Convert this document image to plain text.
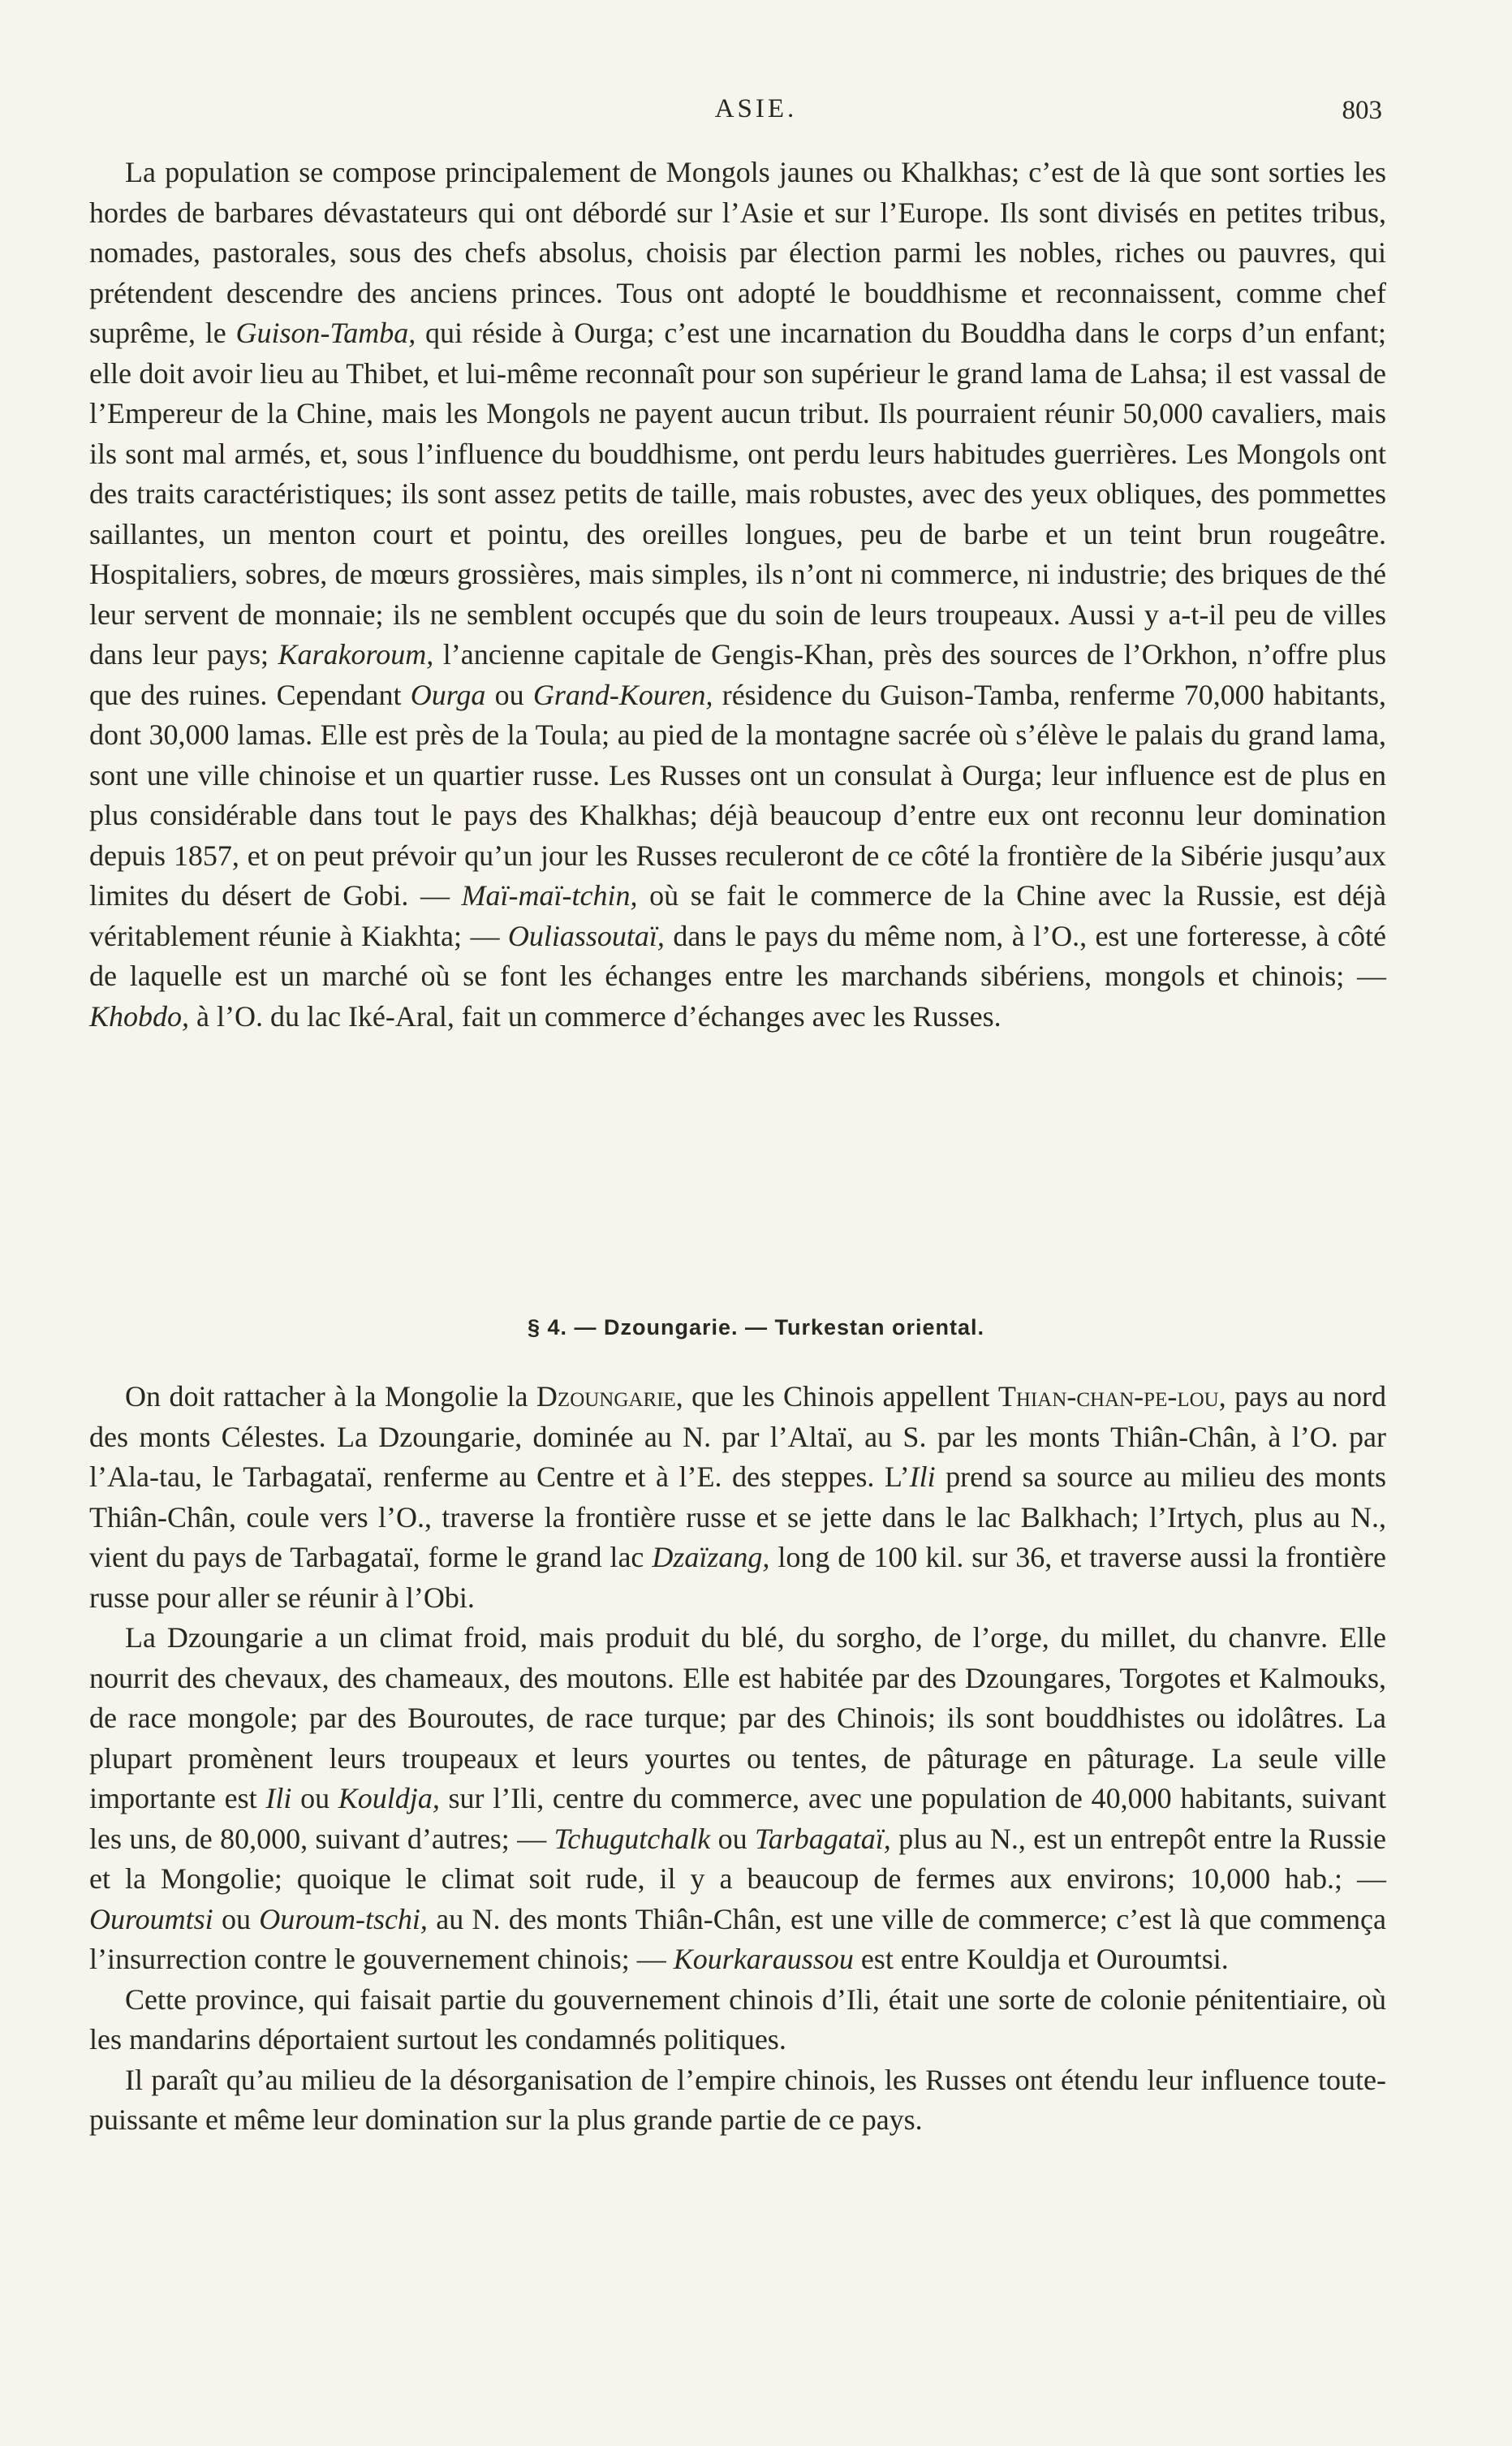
ASIE.	803

La population se compose principalement de Mongols jaunes ou Khalkhas; c’est de là que sont sorties les hordes de barbares dévastateurs qui ont débordé sur l’Asie et sur l’Europe. Ils sont divisés en petites tribus, nomades, pastorales, sous des chefs absolus, choisis par élection parmi les nobles, riches ou pauvres, qui prétendent descendre des anciens princes. Tous ont adopté le bouddhisme et reconnaissent, comme chef suprême, le Guison-Tamba, qui réside à Ourga; c’est une incarnation du Bouddha dans le corps d’un enfant; elle doit avoir lieu au Thibet, et lui-même reconnaît pour son supérieur le grand lama de Lahsa; il est vassal de l’Empereur de la Chine, mais les Mongols ne payent aucun tribut. Ils pourraient réunir 50,000 cavaliers, mais ils sont mal armés, et, sous l’influence du bouddhisme, ont perdu leurs habitudes guerrières. Les Mongols ont des traits caractéristiques; ils sont assez petits de taille, mais robustes, avec des yeux obliques, des pommettes saillantes, un menton court et pointu, des oreilles longues, peu de barbe et un teint brun rougeâtre. Hospitaliers, sobres, de mœurs grossières, mais simples, ils n’ont ni commerce, ni industrie; des briques de thé leur servent de monnaie; ils ne semblent occupés que du soin de leurs troupeaux. Aussi y a-t-il peu de villes dans leur pays; Karakoroum, l’ancienne capitale de Gengis-Khan, près des sources de l’Orkhon, n’offre plus que des ruines. Cependant Ourga ou Grand-Kouren, résidence du Guison-Tamba, renferme 70,000 habitants, dont 30,000 lamas. Elle est près de la Toula; au pied de la montagne sacrée où s’élève le palais du grand lama, sont une ville chinoise et un quartier russe. Les Russes ont un consulat à Ourga; leur influence est de plus en plus considérable dans tout le pays des Khalkhas; déjà beaucoup d’entre eux ont reconnu leur domination depuis 1857, et on peut prévoir qu’un jour les Russes reculeront de ce côté la frontière de la Sibérie jusqu’aux limites du désert de Gobi. — Maï-maï-tchin, où se fait le commerce de la Chine avec la Russie, est déjà véritablement réunie à Kiakhta; — Ouliassoutaï, dans le pays du même nom, à l’O., est une forteresse, à côté de laquelle est un marché où se font les échanges entre les marchands sibériens, mongols et chinois; — Khobdo, à l’O. du lac Iké-Aral, fait un commerce d’échanges avec les Russes.

§ 4. — Dzoungarie. — Turkestan oriental.

On doit rattacher à la Mongolie la Dzoungarie, que les Chinois appellent Thian-chan-pe-lou, pays au nord des monts Célestes. La Dzoungarie, dominée au N. par l’Altaï, au S. par les monts Thiân-Chân, à l’O. par l’Ala-tau, le Tarbagataï, renferme au Centre et à l’E. des steppes. L’Ili prend sa source au milieu des monts Thiân-Chân, coule vers l’O., traverse la frontière russe et se jette dans le lac Balkhach; l’Irtych, plus au N., vient du pays de Tarbagataï, forme le grand lac Dzaïzang, long de 100 kil. sur 36, et traverse aussi la frontière russe pour aller se réunir à l’Obi.

La Dzoungarie a un climat froid, mais produit du blé, du sorgho, de l’orge, du millet, du chanvre. Elle nourrit des chevaux, des chameaux, des moutons. Elle est habitée par des Dzoungares, Torgotes et Kalmouks, de race mongole; par des Bouroutes, de race turque; par des Chinois; ils sont bouddhistes ou idolâtres. La plupart promènent leurs troupeaux et leurs yourtes ou tentes, de pâturage en pâturage. La seule ville importante est Ili ou Kouldja, sur l’Ili, centre du commerce, avec une population de 40,000 habitants, suivant les uns, de 80,000, suivant d’autres; — Tchugutchalk ou Tarbagataï, plus au N., est un entrepôt entre la Russie et la Mongolie; quoique le climat soit rude, il y a beaucoup de fermes aux environs; 10,000 hab.; — Ouroumtsi ou Ouroum-tschi, au N. des monts Thiân-Chân, est une ville de commerce; c’est là que commença l’insurrection contre le gouvernement chinois; — Kourkaraussou est entre Kouldja et Ouroumtsi.

Cette province, qui faisait partie du gouvernement chinois d’Ili, était une sorte de colonie pénitentiaire, où les mandarins déportaient surtout les condamnés politiques.

Il paraît qu’au milieu de la désorganisation de l’empire chinois, les Russes ont étendu leur influence toute-puissante et même leur domination sur la plus grande partie de ce pays.
